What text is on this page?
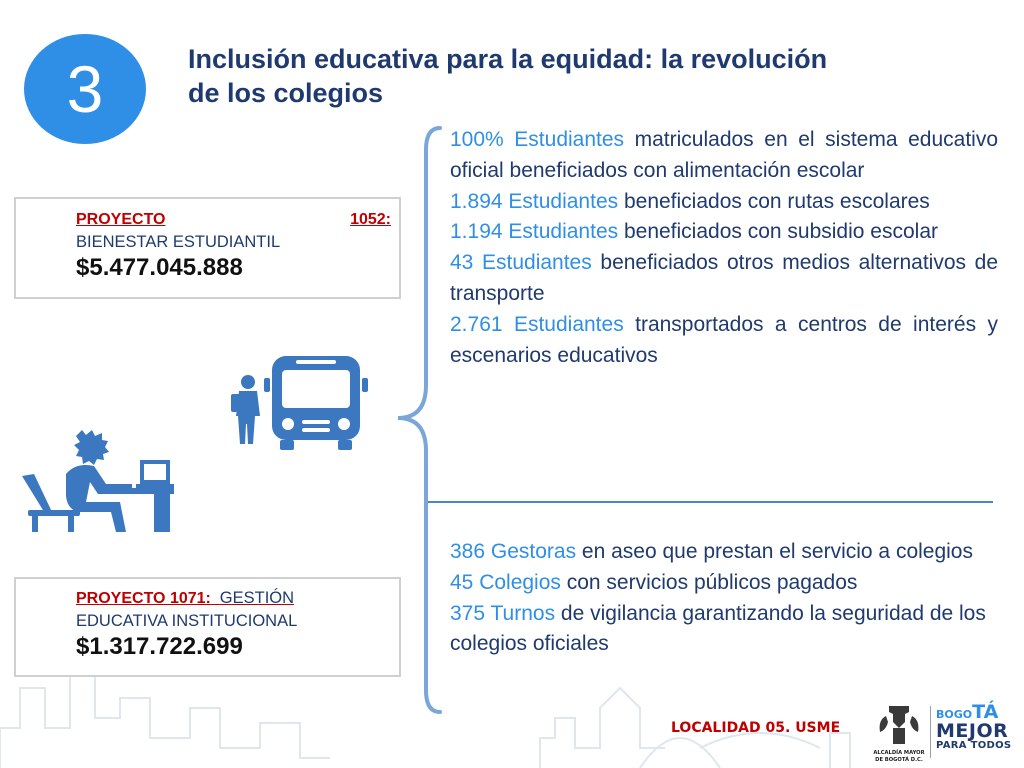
3	Inclusión educativa para la equidad: la revolución de los colegios
PROYECTO	1052:
BIENESTAR ESTUDIANTIL
$5.477.045.888
PROYECTO 1071: GESTIÓN
EDUCATIVA INSTITUCIONAL
$1.317.722.699

100% Estudiantes matriculados en el sistema educativo oficial beneficiados con alimentación escolar

1.894 Estudiantes beneficiados con rutas escolares

1.194 Estudiantes beneficiados con subsidio escolar

43 Estudiantes beneficiados otros medios alternativos de transporte

2.761 Estudiantes transportados a centros de interés y escenarios educativos

386 Gestoras en aseo que prestan el servicio a colegios

45 Colegios con servicios públicos pagados

375 Turnos de vigilancia garantizando la seguridad de los colegios oficiales

LOCALIDAD 05. USME
ALCALDÍA MAYOR
DE BOGOTÁ D.C.
BOGOTÁ
MEJOR
PARA TODOS
